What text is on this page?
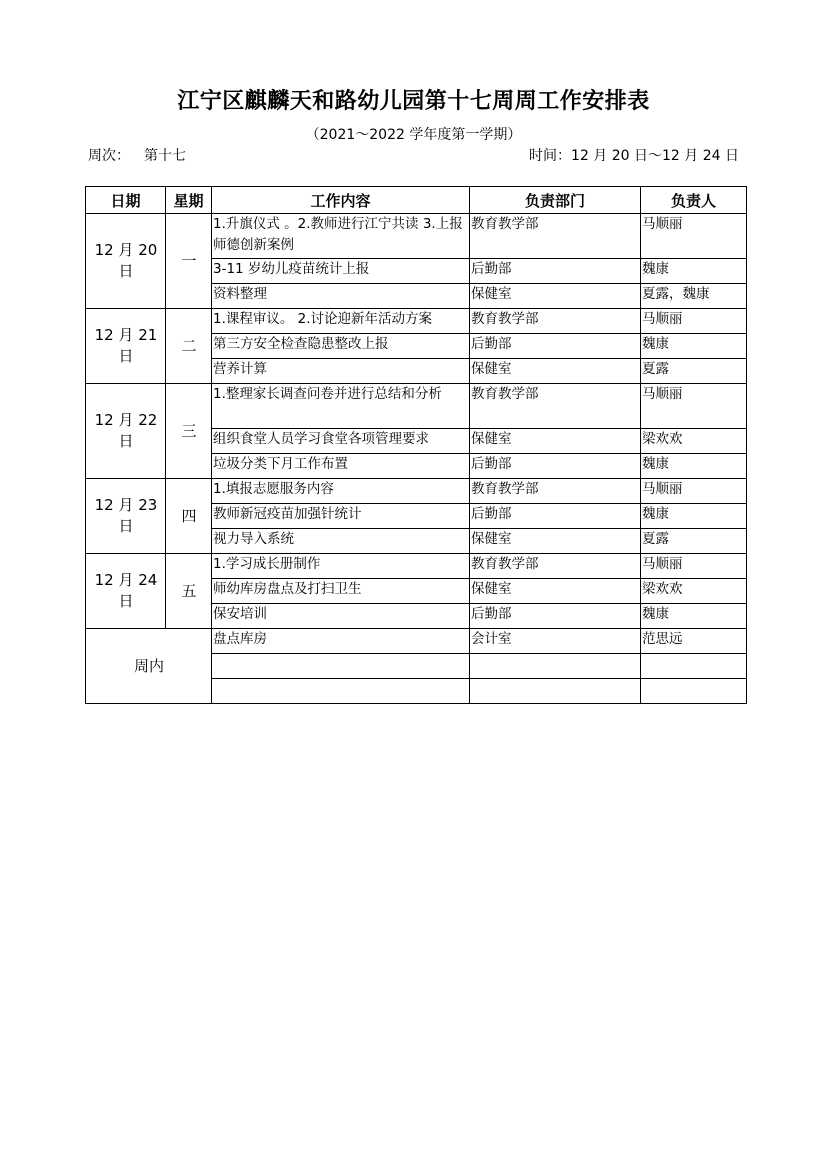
江宁区麒麟天和路幼儿园第十七周周工作安排表
（2021～2022 学年度第一学期）
周次： 第十七	时间：12 月 20 日～12 月 24 日
日期	星期	工作内容	负责部门	负责人
12 月 20 日	一	1.升旗仪式 。2.教师进行江宁共读 3.上报师德创新案例	教育教学部	马顺丽
		3-11 岁幼儿疫苗统计上报	后勤部	魏康
		资料整理	保健室	夏露，魏康
12 月 21 日	二	1.课程审议。 2.讨论迎新年活动方案	教育教学部	马顺丽
		第三方安全检查隐患整改上报	后勤部	魏康
		营养计算	保健室	夏露
12 月 22 日	三	1.整理家长调查问卷并进行总结和分析	教育教学部	马顺丽
		组织食堂人员学习食堂各项管理要求	保健室	梁欢欢
		垃圾分类下月工作布置	后勤部	魏康
12 月 23 日	四	1.填报志愿服务内容	教育教学部	马顺丽
		教师新冠疫苗加强针统计	后勤部	魏康
		视力导入系统	保健室	夏露
12 月 24 日	五	1.学习成长册制作	教育教学部	马顺丽
		师幼库房盘点及打扫卫生	保健室	梁欢欢
		保安培训	后勤部	魏康
周内		盘点库房	会计室	范思远
